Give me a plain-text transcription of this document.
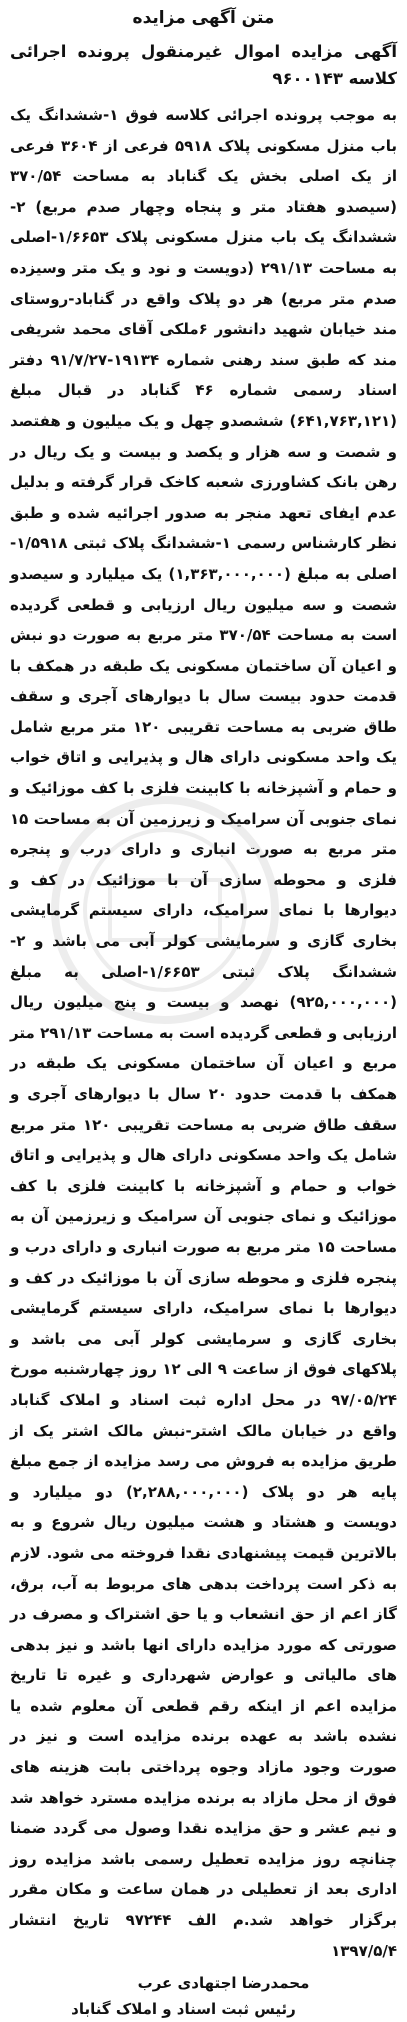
متن آگهی مزایده
آگهی مزایده اموال غیرمنقول پرونده اجرائی کلاسه ۹۶۰۰۱۴۳

به موجب پرونده اجرائی کلاسه فوق ۱-ششدانگ یک باب منزل مسکونی پلاک ۵۹۱۸ فرعی از ۳۶۰۴ فرعی از یک اصلی بخش یک گناباد به مساحت ۳۷۰/۵۴ (سیصدو هفتاد متر و پنجاه وچهار صدم مربع) ۲-ششدانگ یک باب منزل مسکونی پلاک ۱/۶۶۵۳-اصلی به مساحت ۲۹۱/۱۳ (دویست و نود و یک متر وسیزده صدم متر مربع) هر دو پلاک واقع در گناباد-روستای مند خیابان شهید دانشور ۶ملکی آقای محمد شریفی مند که طبق سند رهنی شماره ۱۹۱۳۴-۹۱/۷/۲۷ دفتر اسناد رسمی شماره ۴۶ گناباد در قبال مبلغ (۶۴۱,۷۶۳,۱۲۱) ششصدو چهل و یک میلیون و هفتصد و شصت و سه هزار و یکصد و بیست و یک ریال در رهن بانک کشاورزی شعبه کاخک قرار گرفته و بدلیل عدم ایفای تعهد منجر به صدور اجرائیه شده و طبق نظر کارشناس رسمی ۱-ششدانگ پلاک ثبتی ۱/۵۹۱۸-اصلی به مبلغ (۱,۳۶۳,۰۰۰,۰۰۰) یک میلیارد و سیصدو شصت و سه میلیون ریال ارزیابی و قطعی گردیده است به مساحت ۳۷۰/۵۴ متر مربع به صورت دو نبش و اعیان آن ساختمان مسکونی یک طبقه در همکف با قدمت حدود بیست سال با دیوارهای آجری و سقف طاق ضربی به مساحت تقریبی ۱۲۰ متر مربع شامل یک واحد مسکونی دارای هال و پذیرایی و اتاق خواب و حمام و آشپزخانه با کابینت فلزی با کف موزائیک و نمای جنوبی آن سرامیک و زیرزمین آن به مساحت ۱۵ متر مربع به صورت انباری و دارای درب و پنجره فلزی و محوطه سازی آن با موزائیک در کف و دیوارها با نمای سرامیک، دارای سیستم گرمایشی بخاری گازی و سرمایشی کولر آبی می باشد و ۲-ششدانگ پلاک ثبتی ۱/۶۶۵۳-اصلی به مبلغ (۹۲۵,۰۰۰,۰۰۰) نهصد و بیست و پنج میلیون ریال ارزیابی و قطعی گردیده است به مساحت ۲۹۱/۱۳ متر مربع و اعیان آن ساختمان مسکونی یک طبقه در همکف با قدمت حدود ۲۰ سال با دیوارهای آجری و سقف طاق ضربی به مساحت تقریبی ۱۲۰ متر مربع شامل یک واحد مسکونی دارای هال و پذیرایی و اتاق خواب و حمام و آشپزخانه با کابینت فلزی با کف موزائیک و نمای جنوبی آن سرامیک و زیرزمین آن به مساحت ۱۵ متر مربع به صورت انباری و دارای درب و پنجره فلزی و محوطه سازی آن با موزائیک در کف و دیوارها با نمای سرامیک، دارای سیستم گرمایشی بخاری گازی و سرمایشی کولر آبی می باشد و پلاکهای فوق از ساعت ۹ الی ۱۲ روز چهارشنبه مورخ ۹۷/۰۵/۲۴ در محل اداره ثبت اسناد و املاک گناباد واقع در خیابان مالک اشتر-نبش مالک اشتر یک از طریق مزایده به فروش می رسد مزایده از جمع مبلغ پایه هر دو پلاک (۲,۲۸۸,۰۰۰,۰۰۰) دو میلیارد و دویست و هشتاد و هشت میلیون ریال شروع و به بالاترین قیمت پیشنهادی نقدا فروخته می شود. لازم به ذکر است پرداخت بدهی های مربوط به آب، برق، گاز اعم از حق انشعاب و یا حق اشتراک و مصرف در صورتی که مورد مزایده دارای انها باشد و نیز بدهی های مالیاتی و عوارض شهرداری و غیره تا تاریخ مزایده اعم از اینکه رقم قطعی آن معلوم شده یا نشده باشد به عهده برنده مزایده است و نیز در صورت وجود مازاد وجوه پرداختی بابت هزینه های فوق از محل مازاد به برنده مزایده مسترد خواهد شد و نیم عشر و حق مزایده نقدا وصول می گردد ضمنا چنانچه روز مزایده تعطیل رسمی باشد مزایده روز اداری بعد از تعطیلی در همان ساعت و مکان مقرر برگزار خواهد شد.م الف ۹۷۲۴۴ تاریخ انتشار ۱۳۹۷/۵/۴

محمدرضا اجتهادی عرب
رئیس ثبت اسناد و املاک گناباد
